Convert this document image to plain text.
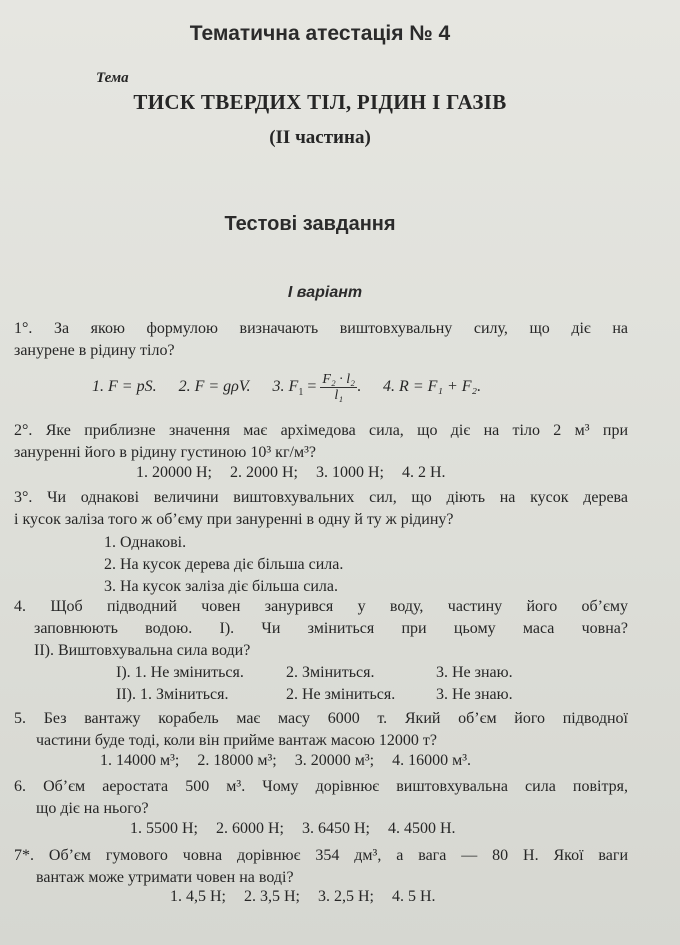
Тематична атестація № 4
Тема
ТИСК ТВЕРДИХ ТІЛ, РІДИН І ГАЗІВ
(ІІ частина)
Тестові завдання
І варіант
1°. За якою формулою визначають виштовхувальну силу, що діє на
занурене в рідину тіло?
1. F = pS. 2. F = gρV. 3. $F_1 = \frac{\text{F₂ · l₂}}{\text{l₁}}$ . 4. R = F₁ + F₂.
2°. Яке приблизне значення має архімедова сила, що діє на тіло 2 м³ при
зануренні його в рідину густиною 10³ кг/м³?
1. 20000 Н; 2. 2000 Н; 3. 1000 Н; 4. 2 Н.
3°. Чи однакові величини виштовхувальних сил, що діють на кусок дерева
і кусок заліза того ж об’єму при зануренні в одну й ту ж рідину?
1. Однакові.
2. На кусок дерева діє більша сила.
3. На кусок заліза діє більша сила.
4. Щоб підводний човен занурився у воду, частину його об’єму
заповнюють водою. І). Чи зміниться при цьому маса човна?
ІІ). Виштовхувальна сила води?
І). 1. Не зміниться.	2. Зміниться.	3. Не знаю.
ІІ). 1. Зміниться.	2. Не зміниться.	3. Не знаю.
5. Без вантажу корабель має масу 6000 т. Який об’єм його підводної
частини буде тоді, коли він прийме вантаж масою 12000 т?
1. 14000 м³; 2. 18000 м³; 3. 20000 м³; 4. 16000 м³.
6. Об’єм аеростата 500 м³. Чому дорівнює виштовхувальна сила повітря,
що діє на нього?
1. 5500 Н; 2. 6000 Н; 3. 6450 Н; 4. 4500 Н.
7*. Об’єм гумового човна дорівнює 354 дм³, а вага — 80 Н. Якої ваги
вантаж може утримати човен на воді?
1. 4,5 Н; 2. 3,5 Н; 3. 2,5 Н; 4. 5 Н.
